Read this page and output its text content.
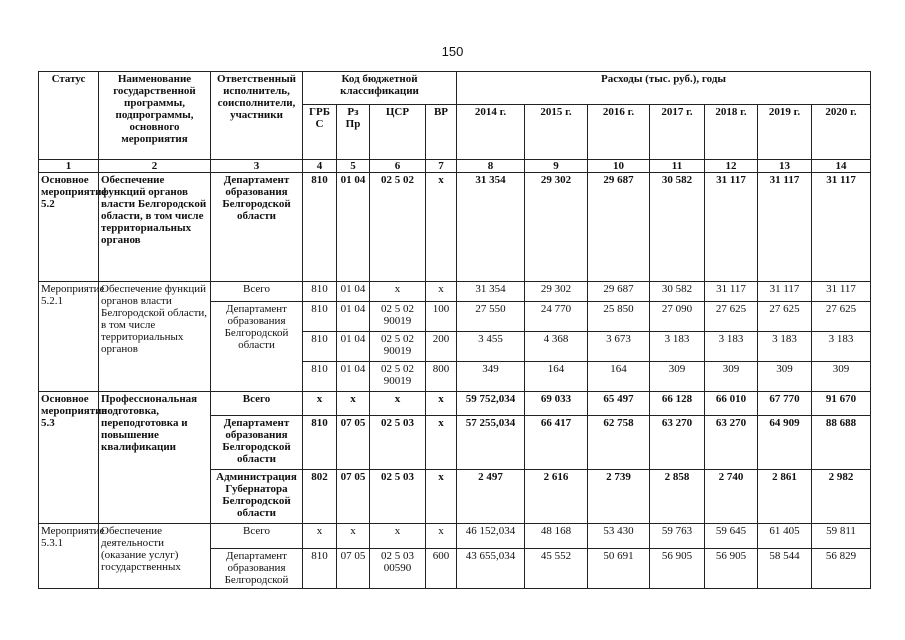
150
Статус	Наименование государственной программы, подпрограммы, основного мероприятия	Ответственный исполнитель, соисполнители, участники	Код бюджетной классификации				Расходы (тыс. руб.), годы						
			ГРБ С	Рз Пр	ЦСР	ВР	2014 г.	2015 г.	2016 г.	2017 г.	2018 г.	2019 г.	2020 г.
1	2	3	4	5	6	7	8	9	10	11	12	13	14
Основное мероприятие 5.2	Обеспечение функций органов власти Белгородской области, в том числе территориальных органов	Департамент образования Белгородской области	810	01 04	02 5 02	х	31 354	29 302	29 687	30 582	31 117	31 117	31 117
Мероприятие 5.2.1	Обеспечение функций органов власти Белгородской области, в том числе территориальных органов	Всего	810	01 04	х	х	31 354	29 302	29 687	30 582	31 117	31 117	31 117
		Департамент образования Белгородской области	810	01 04	02 5 02 90019	100	27 550	24 770	25 850	27 090	27 625	27 625	27 625
			810	01 04	02 5 02 90019	200	3 455	4 368	3 673	3 183	3 183	3 183	3 183
			810	01 04	02 5 02 90019	800	349	164	164	309	309	309	309
Основное мероприятие 5.3	Профессиональная подготовка, переподготовка и повышение квалификации	Всего	х	х	х	х	59 752,034	69 033	65 497	66 128	66 010	67 770	91 670
		Департамент образования Белгородской области	810	07 05	02 5 03	х	57 255,034	66 417	62 758	63 270	63 270	64 909	88 688
		Администрация Губернатора Белгородской области	802	07 05	02 5 03	х	2 497	2 616	2 739	2 858	2 740	2 861	2 982
Мероприятие 5.3.1	Обеспечение деятельности (оказание услуг) государственных	Всего	х	х	х	х	46 152,034	48 168	53 430	59 763	59 645	61 405	59 811
		Департамент образования Белгородской	810	07 05	02 5 03 00590	600	43 655,034	45 552	50 691	56 905	56 905	58 544	56 829
